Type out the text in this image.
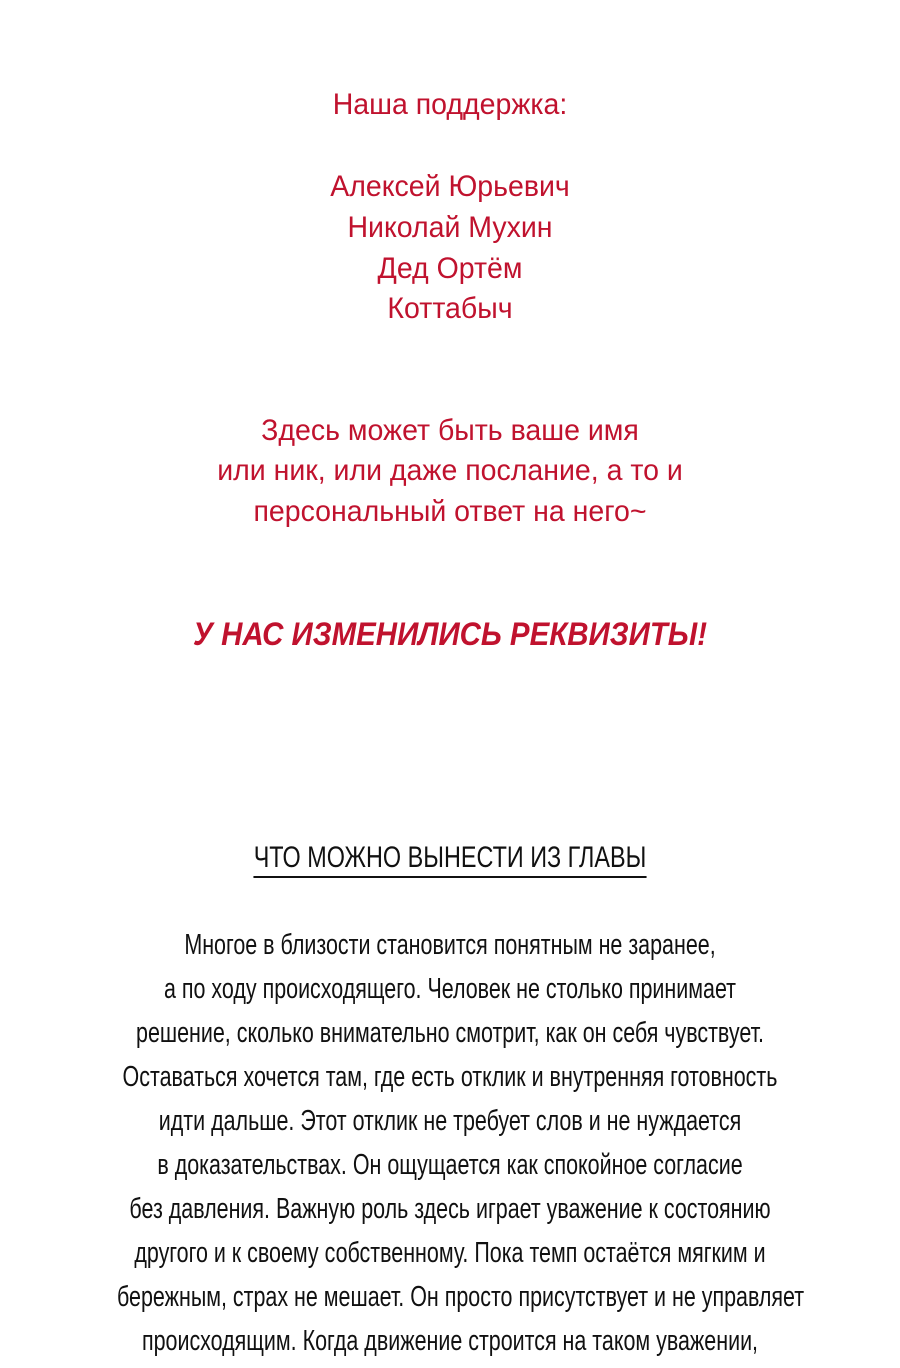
Наша поддержка:
Алексей Юрьевич
Николай Мухин
Дед Ортём
Коттабыч
Здесь может быть ваше имя
или ник, или даже послание, а то и
персональный ответ на него~
У НАС ИЗМЕНИЛИСЬ РЕКВИЗИТЫ!
ЧТО МОЖНО ВЫНЕСТИ ИЗ ГЛАВЫ
Многое в близости становится понятным не заранее,
а по ходу происходящего. Человек не столько принимает
решение, сколько внимательно смотрит, как он себя чувствует.
Оставаться хочется там, где есть отклик и внутренняя готовность
идти дальше. Этот отклик не требует слов и не нуждается
в доказательствах. Он ощущается как спокойное согласие
без давления. Важную роль здесь играет уважение к состоянию
другого и к своему собственному. Пока темп остаётся мягким и
бережным, страх не мешает. Он просто присутствует и не управляет
происходящим. Когда движение строится на таком уважении,
